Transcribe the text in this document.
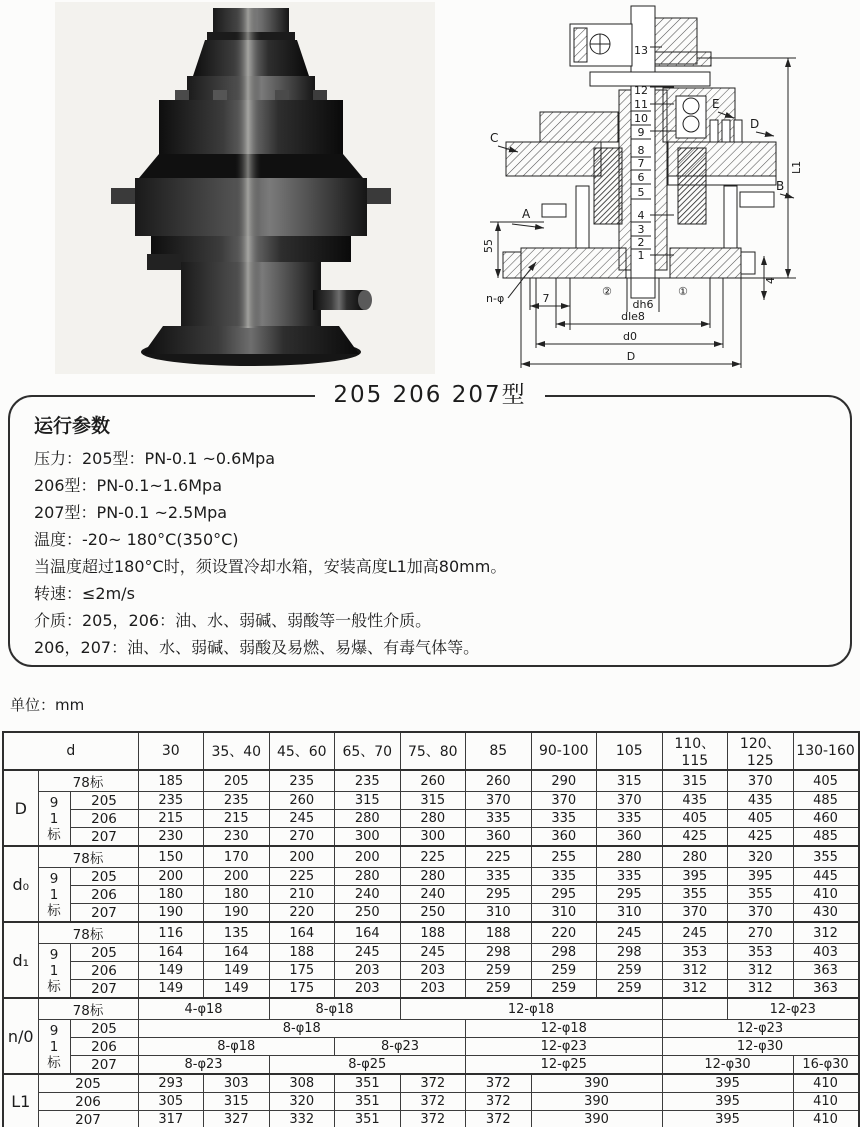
13
12
11
10
9
8
7
6
5
4
3
2
1
A
B
C
D
E
②	①
7	dh6
dle8
d0
D
n-φ
55
4
L1
205 206 207型
运行参数
压力：205型：PN-0.1 ~0.6Mpa
206型：PN-0.1~1.6Mpa
207型：PN-0.1 ~2.5Mpa
温度：-20~ 180°C(350°C)
当温度超过180°C时，须设置冷却水箱，安装高度L1加高80mm。
转速：≤2m/s
介质：205，206：油、水、弱碱、弱酸等一般性介质。
206，207：油、水、弱碱、弱酸及易燃、易爆、有毒气体等。
单位：mm
d			30	35、40	45、60	65、70	75、80	85	90-100	105	110、115	120、125	130-160
D	78标		185	205	235	235	260	260	290	315	315	370	405
	91标	205	235	235	260	315	315	370	370	370	435	435	485
		206	215	215	245	280	280	335	335	335	405	405	460
		207	230	230	270	300	300	360	360	360	425	425	485
d₀	78标		150	170	200	200	225	225	255	280	280	320	355
	91标	205	200	200	225	280	280	335	335	335	395	395	445
		206	180	180	210	240	240	295	295	295	355	355	410
		207	190	190	220	250	250	310	310	310	370	370	430
d₁	78标		116	135	164	164	188	188	220	245	245	270	312
	91标	205	164	164	188	245	245	298	298	298	353	353	403
		206	149	149	175	203	203	259	259	259	312	312	363
		207	149	149	175	203	203	259	259	259	312	312	363
n/0	78标		4-φ18		8-φ18		12-φ18					12-φ23	
	91标	205	8-φ18					12-φ18			12-φ23		
		206	8-φ18			8-φ23		12-φ23			12-φ30		
		207	8-φ23		8-φ25			12-φ25			12-φ30		16-φ30
L1	205		293	303	308	351	372	372	390		395		410
	206		305	315	320	351	372	372	390		395		410
	207		317	327	332	351	372	372	390		395		410
